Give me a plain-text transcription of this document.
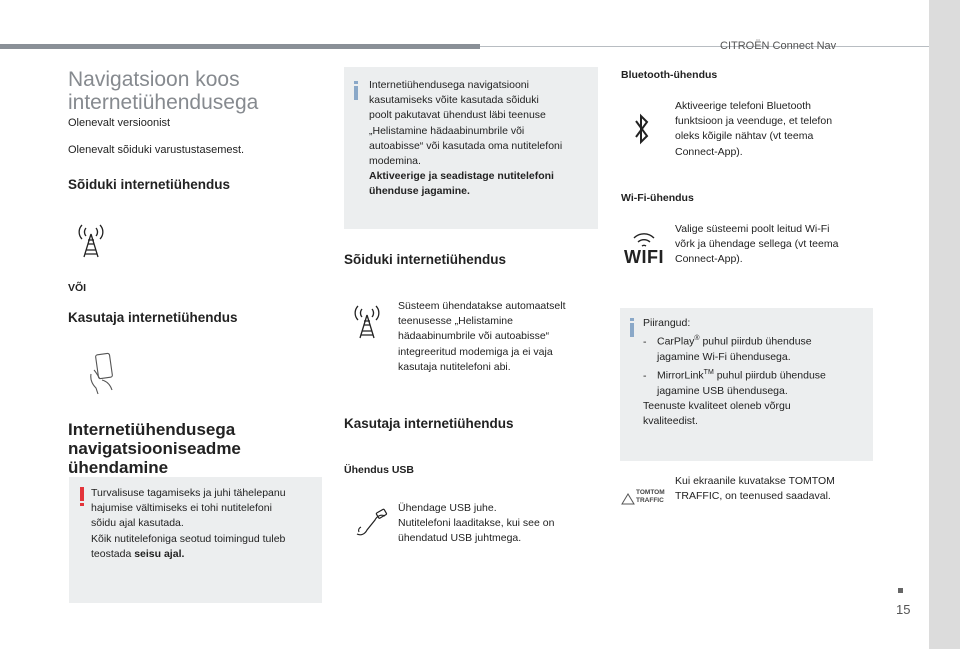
CITROËN Connect Nav
15
Navigatsioon koos
internetiühendusega
Olenevalt versioonist
Olenevalt sõiduki varustustasemest.
Sõiduki internetiühendus
VÕI
Kasutaja internetiühendus
Internetiühendusega
navigatsiooniseadme
ühendamine
Turvalisuse tagamiseks ja juhi tähelepanu
hajumise vältimiseks ei tohi nutitelefoni
sõidu ajal kasutada.
Kõik nutitelefoniga seotud toimingud tuleb
teostada seisu ajal.
Internetiühendusega navigatsiooni
kasutamiseks võite kasutada sõiduki
poolt pakutavat ühendust läbi teenuse
„Helistamine hädaabinumbrile või
autoabisse“ või kasutada oma nutitelefoni
modemina.
Aktiveerige ja seadistage nutitelefoni
ühenduse jagamine.
Sõiduki internetiühendus
Süsteem ühendatakse automaatselt
teenusesse „Helistamine
hädaabinumbrile või autoabisse“
integreeritud modemiga ja ei vaja
kasutaja nutitelefoni abi.
Kasutaja internetiühendus
Ühendus USB
Ühendage USB juhe.
Nutitelefoni laaditakse, kui see on
ühendatud USB juhtmega.
Bluetooth-ühendus
Aktiveerige telefoni Bluetooth
funktsioon ja veenduge, et telefon
oleks kõigile nähtav (vt teema
Connect-App).
Wi-Fi-ühendus
WIFI
Valige süsteemi poolt leitud Wi-Fi
võrk ja ühendage sellega (vt teema
Connect-App).
Piirangud:
- CarPlay® puhul piirdub ühenduse
jagamine Wi-Fi ühendusega.
- MirrorLink™ puhul piirdub ühenduse
jagamine USB ühendusega.
Teenuste kvaliteet oleneb võrgu
kvaliteedist.
TOMTOM
TRAFFIC
Kui ekraanile kuvatakse TOMTOM
TRAFFIC, on teenused saadaval.
